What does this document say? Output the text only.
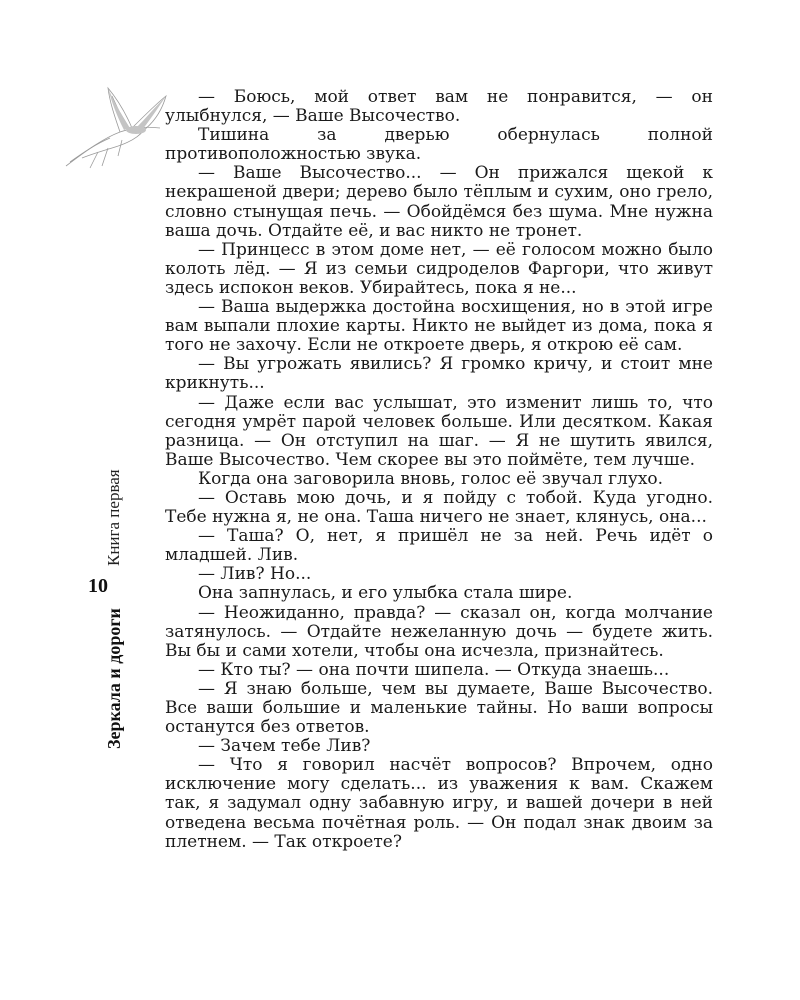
Зеркала и дороги
10
Книга первая

— Боюсь, мой ответ вам не понравится, — он улыбнулся, — Ваше Высочество.

Тишина за дверью обернулась полной противоположностью звука.

— Ваше Высочество... — Он прижался щекой к некрашеной двери; дерево было тёплым и сухим, оно грело, словно стынущая печь. — Обойдёмся без шума. Мне нужна ваша дочь. Отдайте её, и вас никто не тронет.

— Принцесс в этом доме нет, — её голосом можно было колоть лёд. — Я из семьи сидроделов Фаргори, что живут здесь испокон веков. Убирайтесь, пока я не...

— Ваша выдержка достойна восхищения, но в этой игре вам выпали плохие карты. Никто не выйдет из дома, пока я того не захочу. Если не откроете дверь, я открою её сам.

— Вы угрожать явились? Я громко кричу, и стоит мне крикнуть...

— Даже если вас услышат, это изменит лишь то, что сегодня умрёт парой человек больше. Или десятком. Какая разница. — Он отступил на шаг. — Я не шутить явился, Ваше Высочество. Чем скорее вы это поймёте, тем лучше.

Когда она заговорила вновь, голос её звучал глухо.

— Оставь мою дочь, и я пойду с тобой. Куда угодно. Тебе нужна я, не она. Таша ничего не знает, клянусь, она...

— Таша? О, нет, я пришёл не за ней. Речь идёт о младшей. Лив.

— Лив? Но...

Она запнулась, и его улыбка стала шире.

— Неожиданно, правда? — сказал он, когда молчание затянулось. — Отдайте нежеланную дочь — будете жить. Вы бы и сами хотели, чтобы она исчезла, признайтесь.

— Кто ты? — она почти шипела. — Откуда знаешь...

— Я знаю больше, чем вы думаете, Ваше Высочество. Все ваши большие и маленькие тайны. Но ваши вопросы останутся без ответов.

— Зачем тебе Лив?

— Что я говорил насчёт вопросов? Впрочем, одно исключение могу сделать... из уважения к вам. Скажем так, я задумал одну забавную игру, и вашей дочери в ней отведена весьма почётная роль. — Он подал знак двоим за плетнем. — Так откроете?
